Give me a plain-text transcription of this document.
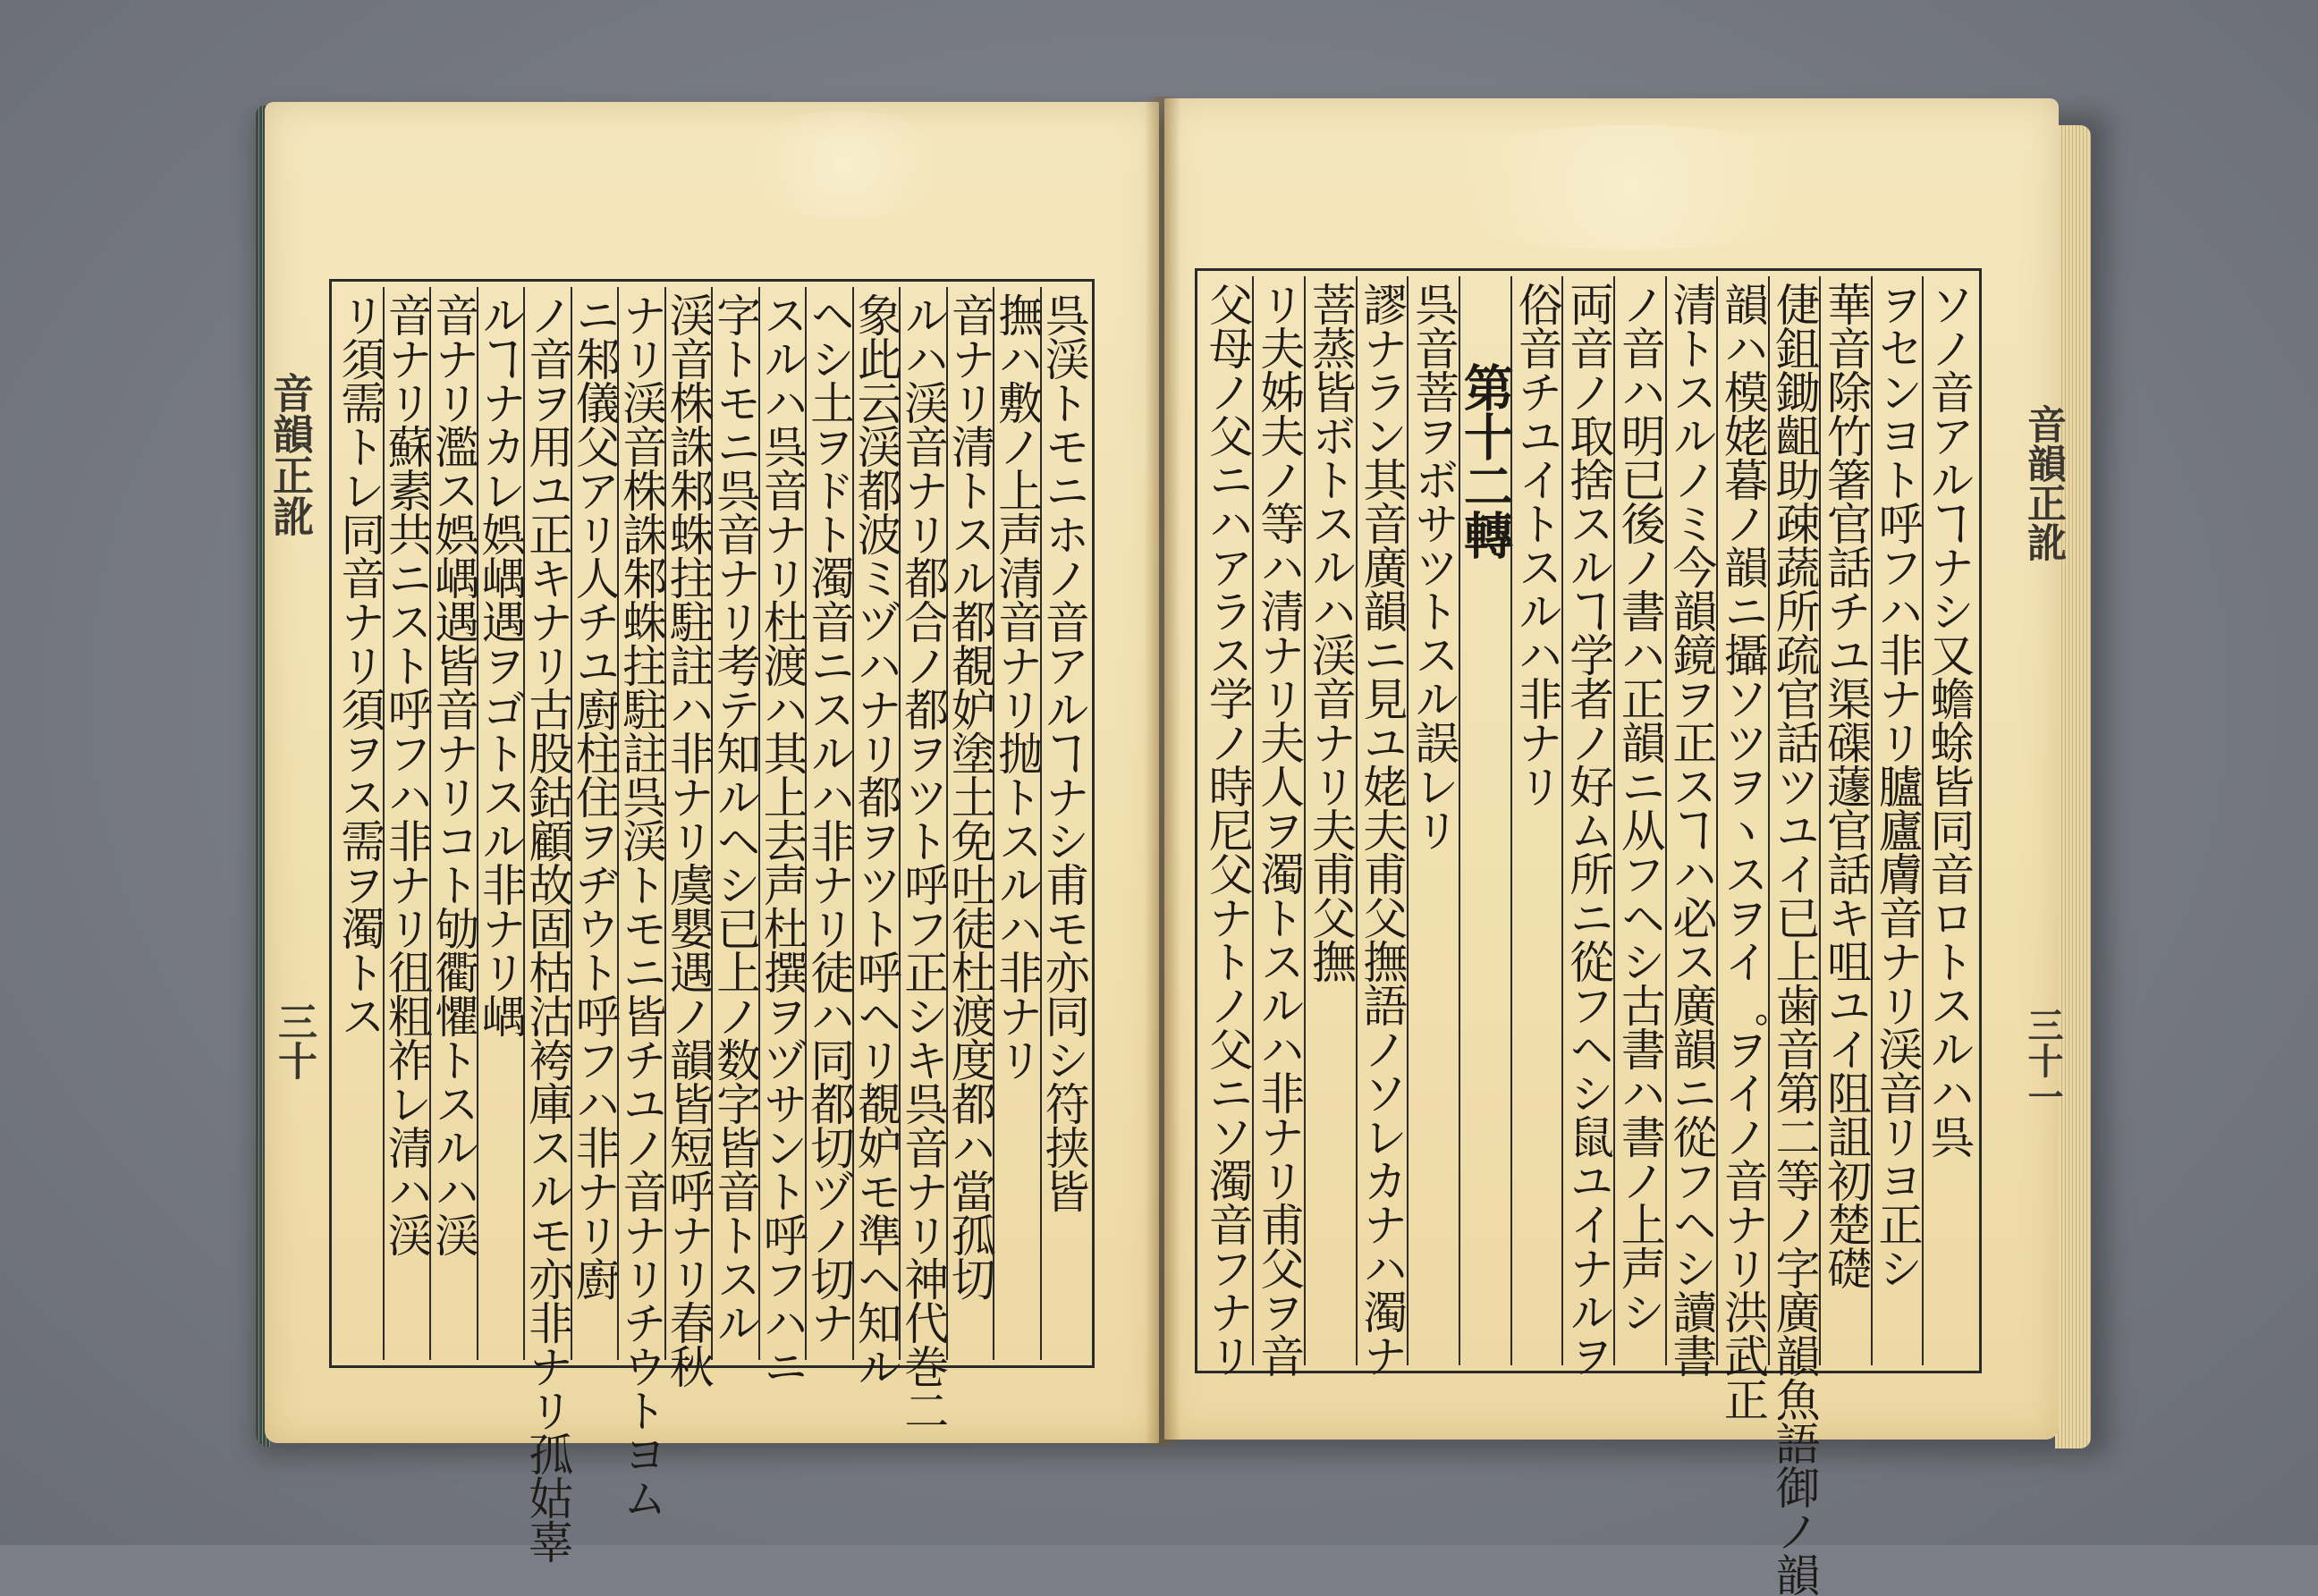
音韻正訛
三十
音韻正訛
三十一
呉渓トモニホノ音アルヿナシ甫モ亦同シ符挟皆
撫ハ敷ノ上声清音ナリ抛トスルハ非ナリ
音ナリ清トスル都覩妒塗土免吐徒杜渡度都ハ當孤切
ルハ渓音ナリ都合ノ都ヲツト呼フ正シキ呉音ナリ神代巻二
象此云渓都波ミヅハナリ都ヲツト呼ヘリ覩妒モ準ヘ知ル
ヘシ土ヲドト濁音ニスルハ非ナリ徒ハ同都切ヅノ切ナ
スルハ呉音ナリ杜渡ハ其上去声杜撰ヲヅサント呼フハニ
字トモニ呉音ナリ考テ知ルヘシ已上ノ数字皆音トスル
渓音株誅邾蛛拄駐註ハ非ナリ虞嬰遇ノ韻皆短呼ナリ春秋
ナリ渓音株誅邾蛛拄駐註呉渓トモニ皆チユノ音ナリチウトヨム
ニ邾儀父アリ人チユ廚柱住ヲヂウト呼フハ非ナリ廚
ノ音ヲ用ユ正キナリ古股鈷顧故固枯沽袴庫スルモ亦非ナリ孤姑辜
ルヿナカレ娯嵎遇ヲゴトスル非ナリ嵎
音ナリ濫ス娯嵎遇皆音ナリコト劬衢懼トスルハ渓
音ナリ蘇素共ニスト呼フハ非ナリ徂粗祚レ清ハ渓
リ須需トレ同音ナリ須ヲス需ヲ濁トス	ソノ音アルヿナシ又蟾蜍皆同音ロトスルハ呉
ヲセンヨト呼フハ非ナリ臚廬膚音ナリ渓音リヨ正シ
華音除竹箸官話チユ渠磲蘧官話キ咀ユイ阻詛初楚礎
倢鉏鋤齟助疎蔬所疏官話ツユイ已上歯音第二等ノ字廣韻魚語御ノ韻
韻ハ模姥暮ノ韻ニ攝ソツヲヽスヲイ゜ヲイノ音ナリ洪武正
清トスルノミ今韻鏡ヲ正スヿハ必ス廣韻ニ從フヘシ讀書
ノ音ハ明已後ノ書ハ正韻ニ从フヘシ古書ハ書ノ上声シ
両音ノ取捨スルヿ学者ノ好ム所ニ從フヘシ鼠ユイナルヲ
俗音チユイトスルハ非ナリ
第十二轉
呉音菩ヲボサツトスル誤レリ
謬ナラン其音廣韻ニ見ユ姥夫甫父撫語ノソレカナハ濁ナ
菩蒸皆ボトスルハ渓音ナリ夫甫父撫
リ夫姊夫ノ等ハ清ナリ夫人ヲ濁トスルハ非ナリ甫父ヲ音
父母ノ父ニハアラス学ノ時尼父ナトノ父ニソ濁音フナリ
